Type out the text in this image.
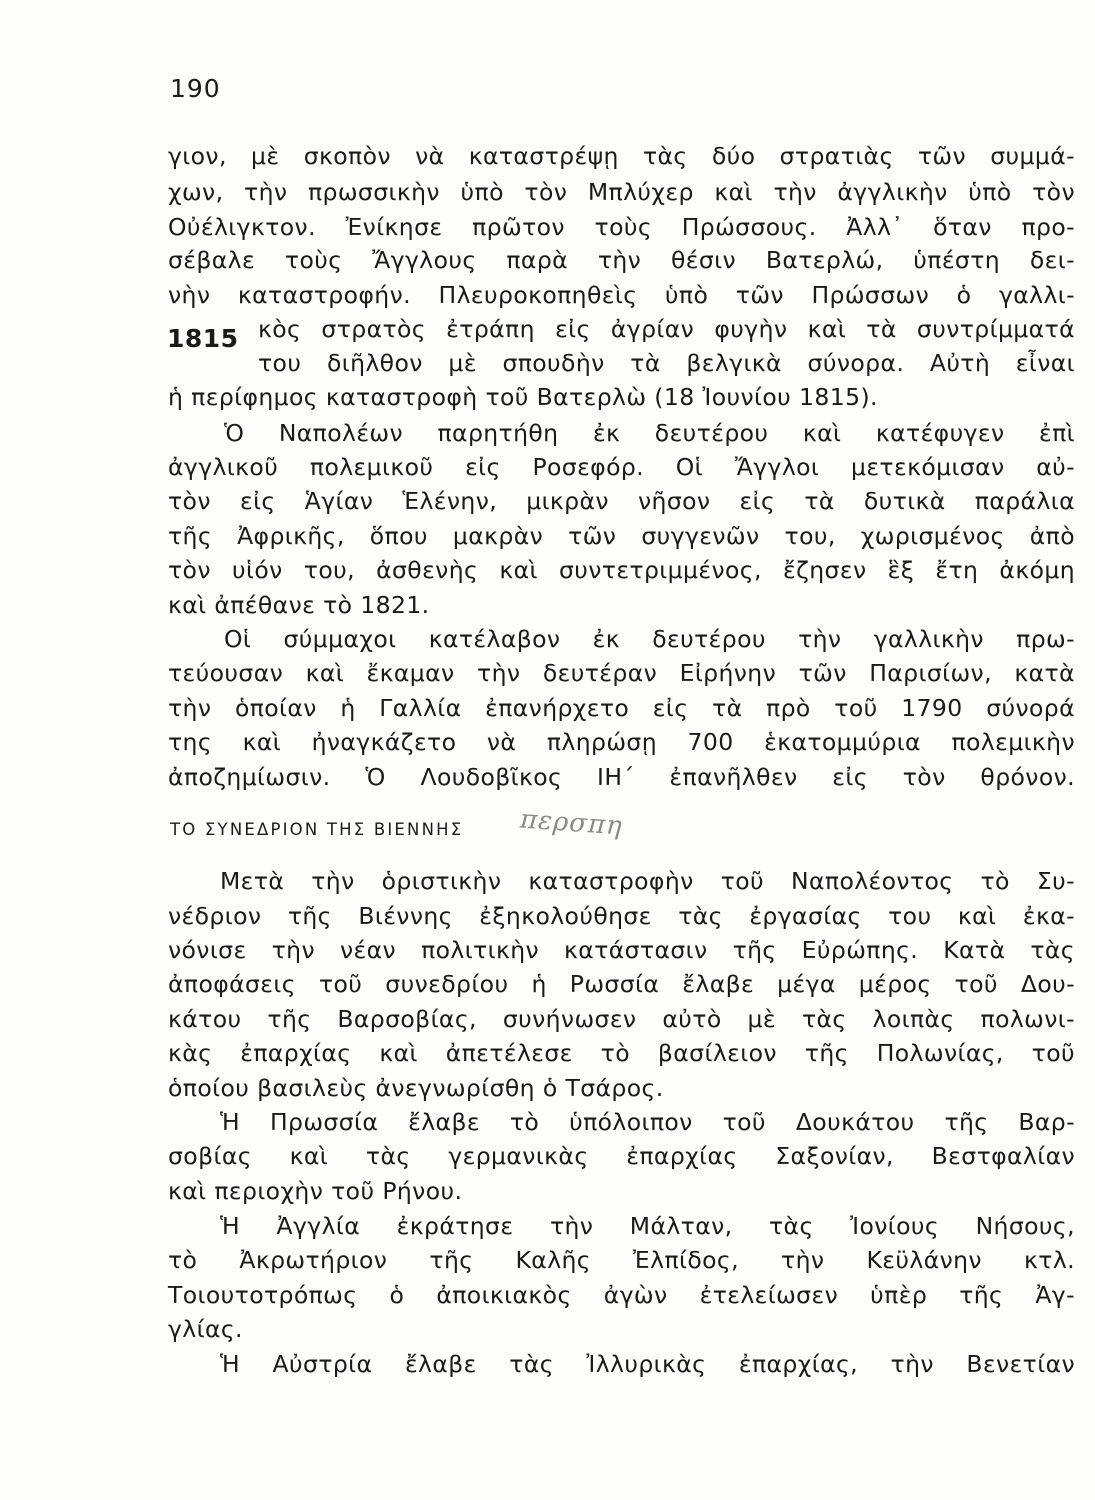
190
1815
γιον, μὲ σκοπὸν νὰ καταστρέψῃ τὰς δύο στρατιὰς τῶν συμμά-
χων, τὴν πρωσσικὴν ὑπὸ τὸν Μπλύχερ καὶ τὴν ἀγγλικὴν ὑπὸ τὸν
Οὐέλιγκτον. Ἐνίκησε πρῶτον τοὺς Πρώσσους. Ἀλλ᾽ ὅταν προ-
σέβαλε τοὺς Ἄγγλους παρὰ τὴν θέσιν Βατερλώ, ὑπέστη δει-
νὴν καταστροφήν. Πλευροκοπηθεὶς ὑπὸ τῶν Πρώσσων ὁ γαλλι-
κὸς στρατὸς ἐτράπη εἰς ἀγρίαν φυγὴν καὶ τὰ συντρίμματά
του διῆλθον μὲ σπουδὴν τὰ βελγικὰ σύνορα. Αὐτὴ εἶναι
ἡ περίφημος καταστροφὴ τοῦ Βατερλὼ (18 Ἰουνίου 1815).
Ὁ Ναπολέων παρητήθη ἐκ δευτέρου καὶ κατέφυγεν ἐπὶ
ἀγγλικοῦ πολεμικοῦ εἰς Ροσεφόρ. Οἱ Ἄγγλοι μετεκόμισαν αὐ-
τὸν εἰς Ἁγίαν Ἑλένην, μικρὰν νῆσον εἰς τὰ δυτικὰ παράλια
τῆς Ἀφρικῆς, ὅπου μακρὰν τῶν συγγενῶν του, χωρισμένος ἀπὸ
τὸν υἱόν του, ἀσθενὴς καὶ συντετριμμένος, ἔζησεν ἓξ ἔτη ἀκόμη
καὶ ἀπέθανε τὸ 1821.
Οἱ σύμμαχοι κατέλαβον ἐκ δευτέρου τὴν γαλλικὴν πρω-
τεύουσαν καὶ ἔκαμαν τὴν δευτέραν Εἰρήνην τῶν Παρισίων, κατὰ
τὴν ὁποίαν ἡ Γαλλία ἐπανήρχετο εἰς τὰ πρὸ τοῦ 1790 σύνορά
της καὶ ἠναγκάζετο νὰ πληρώσῃ 700 ἑκατομμύρια πολεμικὴν
ἀποζημίωσιν. Ὁ Λουδοβῖκος ΙΗ΄ ἐπανῆλθεν εἰς τὸν θρόνον.
ΤΟ ΣΥΝΕΔΡΙΟΝ ΤΗΣ ΒΙΕΝΝΗΣ περσπη
Μετὰ τὴν ὁριστικὴν καταστροφὴν τοῦ Ναπολέοντος τὸ Συ-
νέδριον τῆς Βιέννης ἐξηκολούθησε τὰς ἐργασίας του καὶ ἐκα-
νόνισε τὴν νέαν πολιτικὴν κατάστασιν τῆς Εὐρώπης. Κατὰ τὰς
ἀποφάσεις τοῦ συνεδρίου ἡ Ρωσσία ἔλαβε μέγα μέρος τοῦ Δου-
κάτου τῆς Βαρσοβίας, συνήνωσεν αὐτὸ μὲ τὰς λοιπὰς πολωνι-
κὰς ἐπαρχίας καὶ ἀπετέλεσε τὸ βασίλειον τῆς Πολωνίας, τοῦ
ὁποίου βασιλεὺς ἀνεγνωρίσθη ὁ Τσάρος.
Ἡ Πρωσσία ἔλαβε τὸ ὑπόλοιπον τοῦ Δουκάτου τῆς Βαρ-
σοβίας καὶ τὰς γερμανικὰς ἐπαρχίας Σαξονίαν, Βεστφαλίαν
καὶ περιοχὴν τοῦ Ρήνου.
Ἡ Ἀγγλία ἐκράτησε τὴν Μάλταν, τὰς Ἰονίους Νήσους,
τὸ Ἀκρωτήριον τῆς Καλῆς Ἐλπίδος, τὴν Κεϋλάνην κτλ.
Τοιουτοτρόπως ὁ ἀποικιακὸς ἀγὼν ἐτελείωσεν ὑπὲρ τῆς Ἀγ-
γλίας.
Ἡ Αὐστρία ἔλαβε τὰς Ἰλλυρικὰς ἐπαρχίας, τὴν Βενετίαν
